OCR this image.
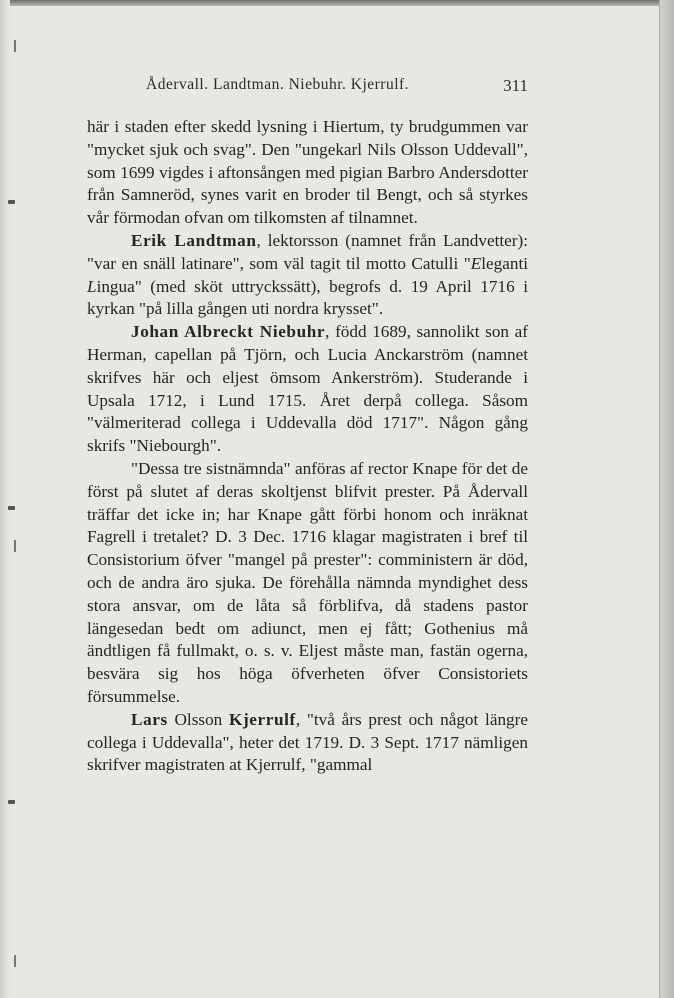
Ådervall. Landtman. Niebuhr. Kjerrulf.	311

här i staden efter skedd lysning i Hiertum, ty brudgummen var "mycket sjuk och svag". Den "ungekarl Nils Olsson Uddevall", som 1699 vigdes i aftonsången med pigian Barbro Andersdotter från Samneröd, synes varit en broder til Bengt, och så styrkes vår förmodan ofvan om tilkomsten af tilnamnet.

Erik Landtman, lektorsson (namnet från Landvetter): "var en snäll latinare", som väl tagit til motto Catulli "Eleganti Lingua" (med sköt uttryckssätt), begrofs d. 19 April 1716 i kyrkan "på lilla gången uti nordra krysset".

Johan Albreckt Niebuhr, född 1689, sannolikt son af Herman, capellan på Tjörn, och Lucia Anckarström (namnet skrifves här och eljest ömsom Ankerström). Studerande i Upsala 1712, i Lund 1715. Året derpå collega. Såsom "välmeriterad collega i Uddevalla död 1717". Någon gång skrifs "Niebourgh".

"Dessa tre sistnämnda" anföras af rector Knape för det de först på slutet af deras skoltjenst blifvit prester. På Ådervall träffar det icke in; har Knape gått förbi honom och inräknat Fagrell i tretalet? D. 3 Dec. 1716 klagar magistraten i bref til Consistorium öfver "mangel på prester": comministern är död, och de andra äro sjuka. De förehålla nämnda myndighet dess stora ansvar, om de låta så förblifva, då stadens pastor längesedan bedt om adiunct, men ej fått; Gothenius må ändtligen få fullmakt, o. s. v. Eljest måste man, fastän ogerna, besvära sig hos höga öfverheten öfver Consistoriets försummelse.

Lars Olsson Kjerrulf, "två års prest och något längre collega i Uddevalla", heter det 1719. D. 3 Sept. 1717 nämligen skrifver magistraten at Kjerrulf, "gammal
